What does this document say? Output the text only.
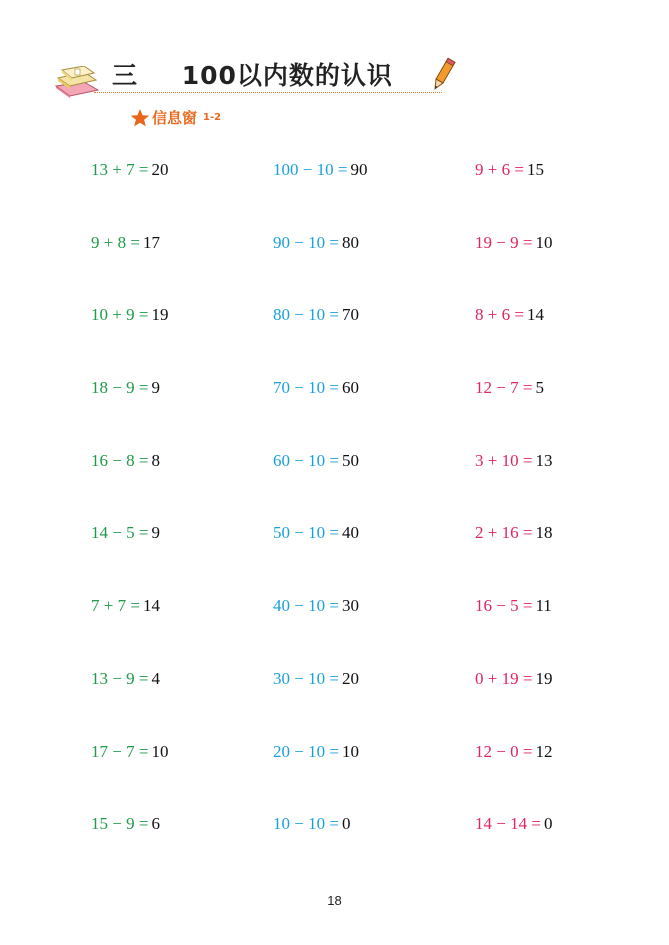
三 100以内数的认识
信息窗 1-2
13 + 7 = 20
9 + 8 = 17
10 + 9 = 19
18 − 9 = 9
16 − 8 = 8
14 − 5 = 9
7 + 7 = 14
13 − 9 = 4
17 − 7 = 10
15 − 9 = 6
100 − 10 = 90
90 − 10 = 80
80 − 10 = 70
70 − 10 = 60
60 − 10 = 50
50 − 10 = 40
40 − 10 = 30
30 − 10 = 20
20 − 10 = 10
10 − 10 = 0
9 + 6 = 15
19 − 9 = 10
8 + 6 = 14
12 − 7 = 5
3 + 10 = 13
2 + 16 = 18
16 − 5 = 11
0 + 19 = 19
12 − 0 = 12
14 − 14 = 0
18
